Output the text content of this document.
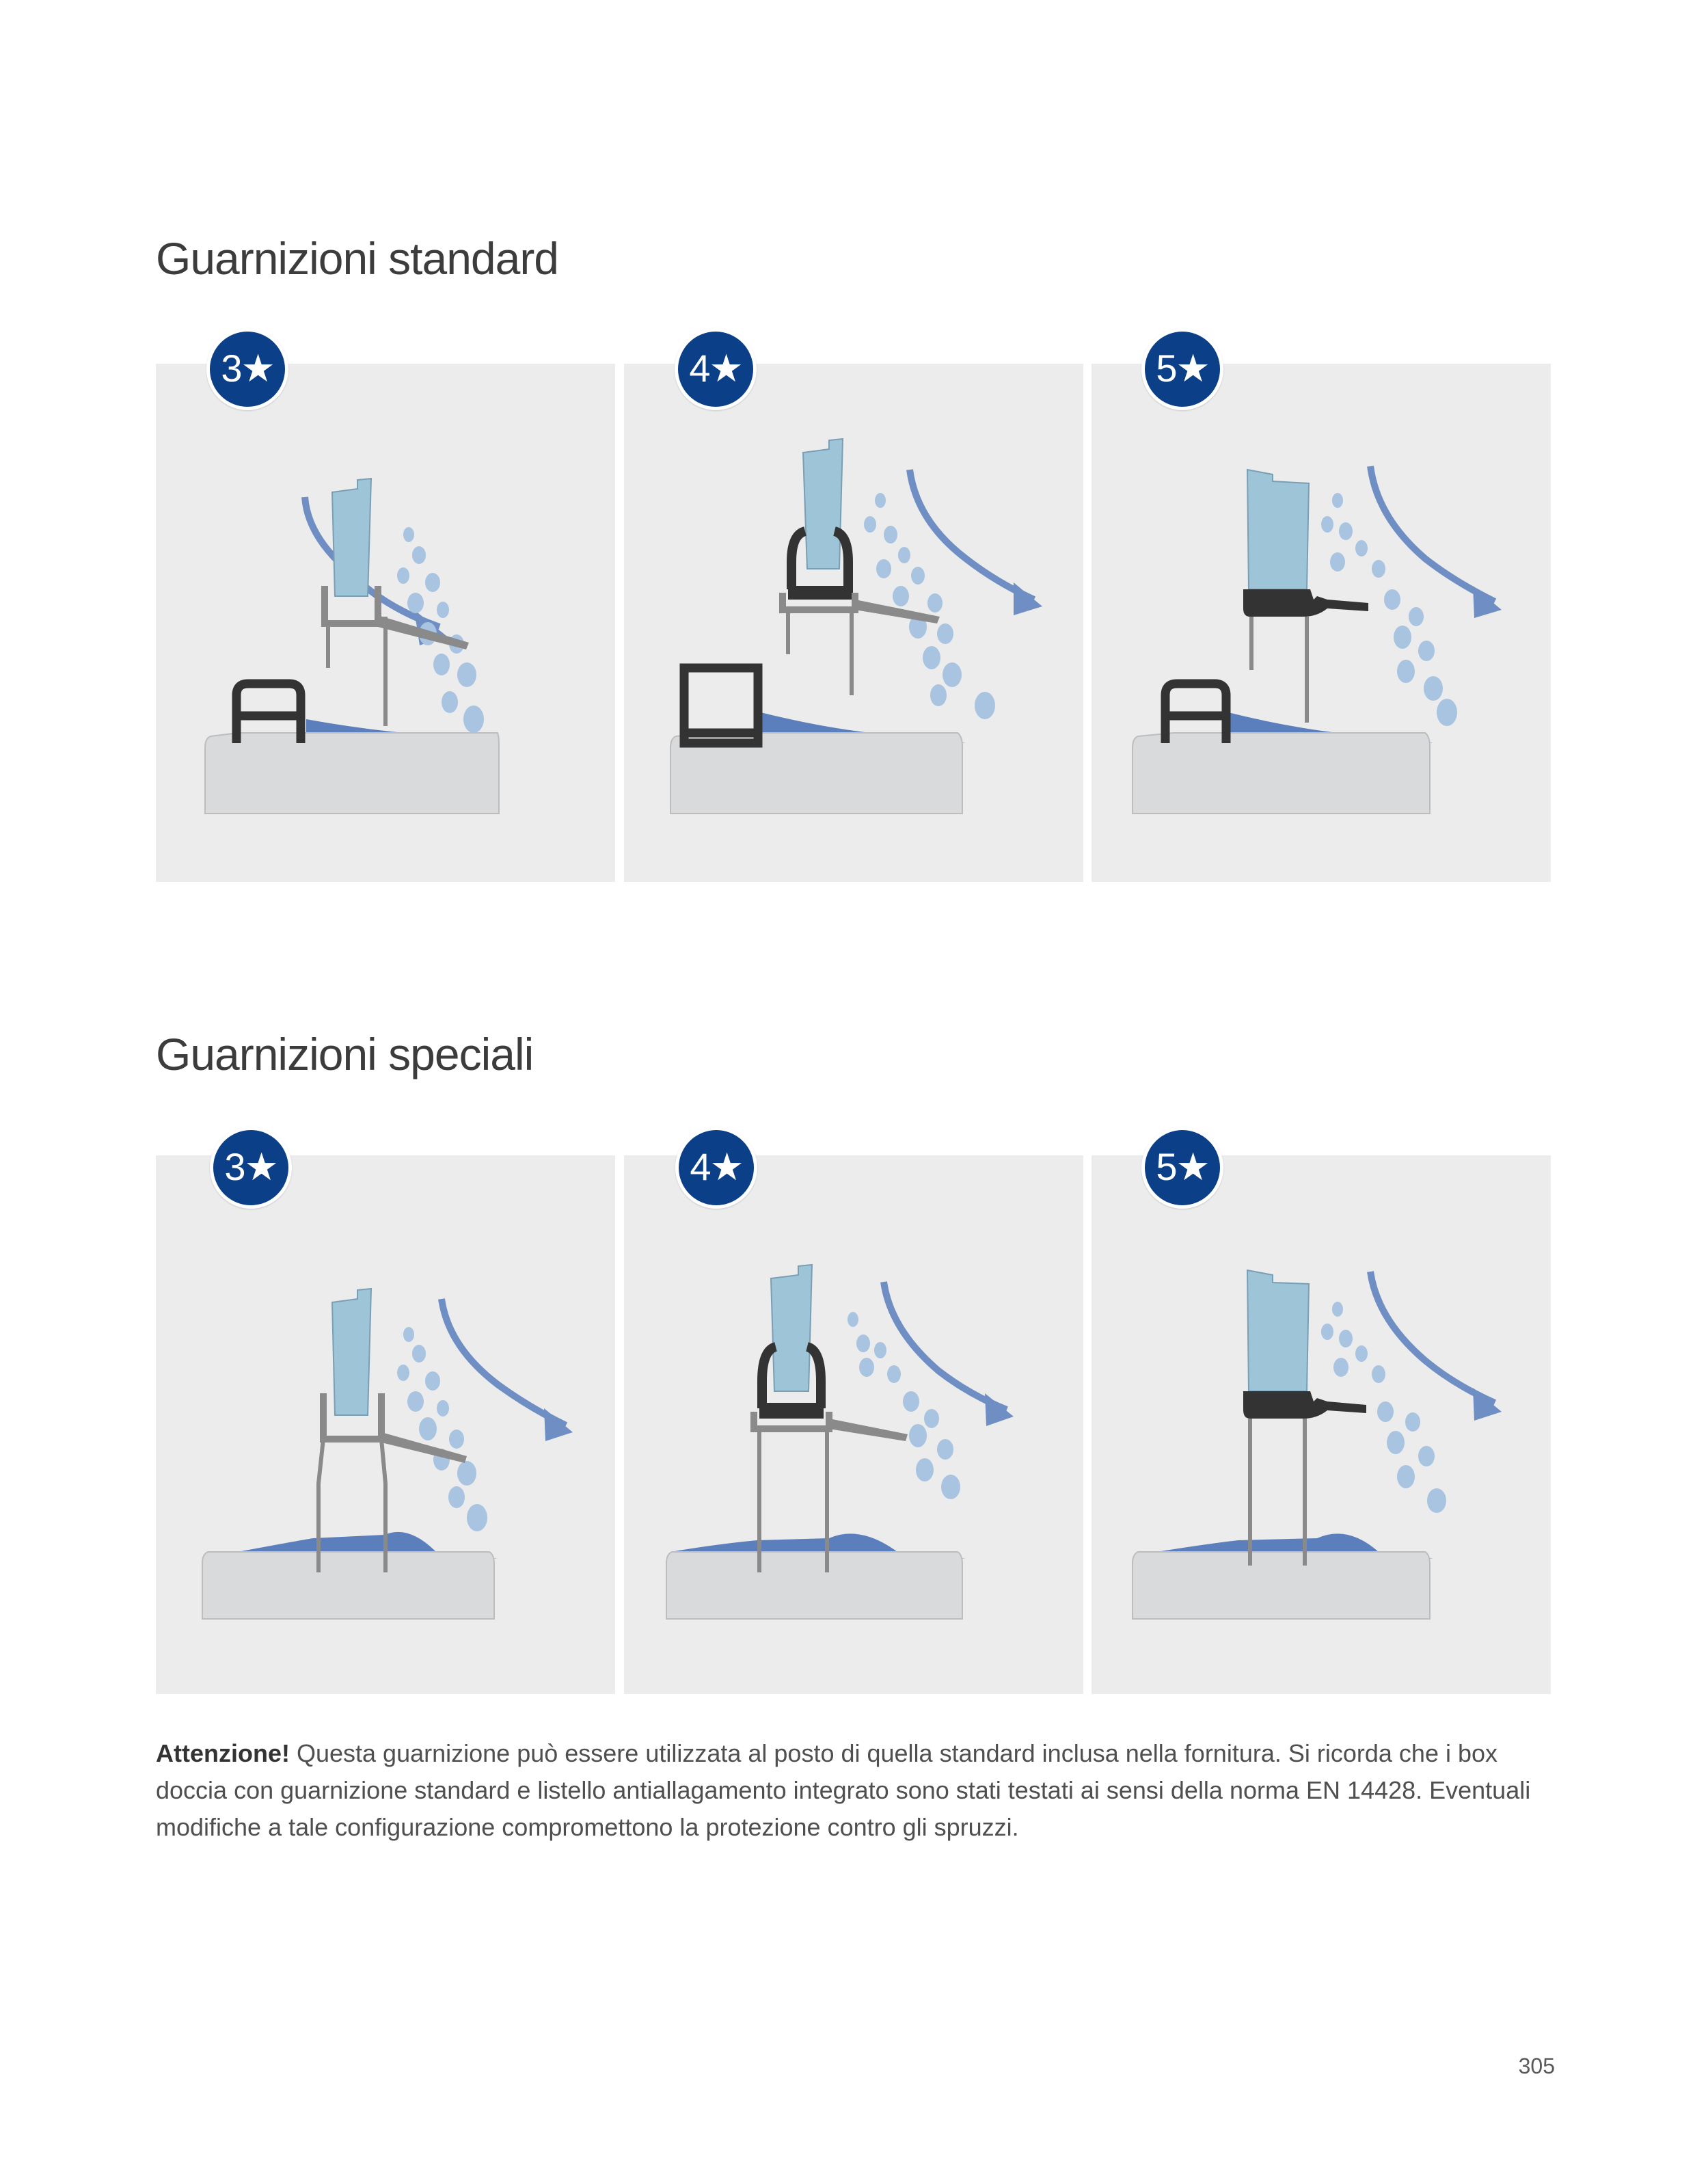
Guarnizioni standard
3★	4★	5★
Guarnizioni speciali
3★	4★	5★

Attenzione! Questa guarnizione può essere utilizzata al posto di quella standard inclusa nella fornitura. Si ricorda che i box doccia con guarnizione standard e listello antiallagamento integrato sono stati testati ai sensi della norma EN 14428. Eventuali modifiche a tale configurazione compromettono la protezione contro gli spruzzi.

305
